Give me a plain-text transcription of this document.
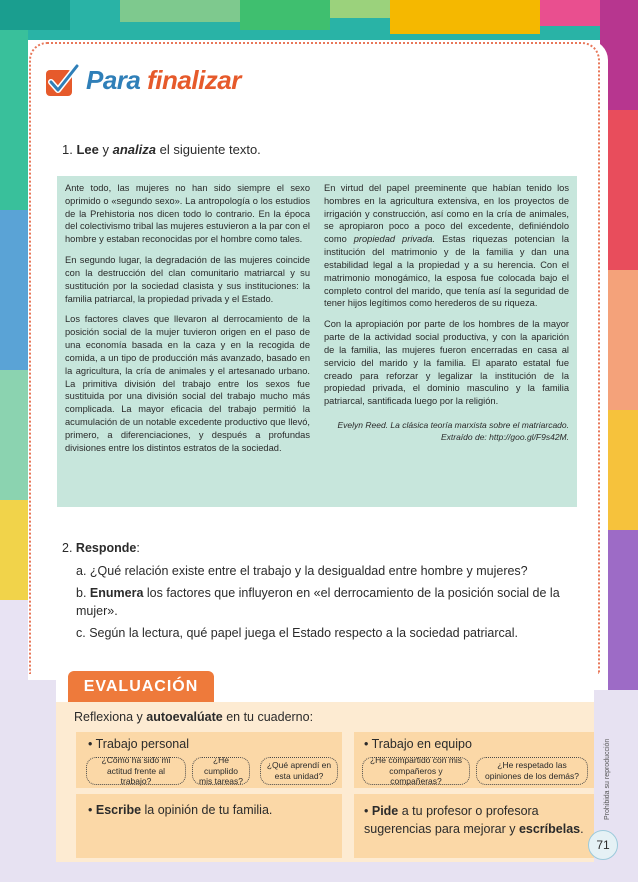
Para finalizar
1. Lee y analiza el siguiente texto.

Ante todo, las mujeres no han sido siempre el sexo oprimido o «segundo sexo». La antropología o los estudios de la Prehistoria nos dicen todo lo contrario. En la época del colectivismo tribal las mujeres estuvieron a la par con el hombre y estaban reconocidas por el hombre como tales.

En segundo lugar, la degradación de las mujeres coincide con la destrucción del clan comunitario matriarcal y su sustitución por la sociedad clasista y sus instituciones: la familia patriarcal, la propiedad privada y el Estado.

Los factores claves que llevaron al derrocamiento de la posición social de la mujer tuvieron origen en el paso de una economía basada en la caza y en la recogida de comida, a un tipo de producción más avanzado, basado en la agricultura, la cría de animales y el artesanado urbano. La primitiva división del trabajo entre los sexos fue sustituida por una división social del trabajo mucho más complicada. La mayor eficacia del trabajo permitió la acumulación de un notable excedente productivo que llevó, primero, a diferenciaciones, y después a profundas divisiones entre los distintos estratos de la sociedad.

En virtud del papel preeminente que habían tenido los hombres en la agricultura extensiva, en los proyectos de irrigación y construcción, así como en la cría de animales, se apropiaron poco a poco del excedente, definiéndolo como propiedad privada. Estas riquezas potencian la institución del matrimonio y de la familia y dan una estabilidad legal a la propiedad y a su herencia. Con el matrimonio monogámico, la esposa fue colocada bajo el completo control del marido, que tenía así la seguridad de tener hijos legítimos como herederos de su riqueza.

Con la apropiación por parte de los hombres de la mayor parte de la actividad social productiva, y con la aparición de la familia, las mujeres fueron encerradas en casa al servicio del marido y la familia. El aparato estatal fue creado para reforzar y legalizar la institución de la propiedad privada, el dominio masculino y la familia patriarcal, santificada luego por la religión.

Evelyn Reed. La clásica teoría marxista sobre el matriarcado.
Extraído de: http://goo.gl/F9s42M.
2. Responde:
a. ¿Qué relación existe entre el trabajo y la desigualdad entre hombre y mujeres?
b. Enumera los factores que influyeron en «el derrocamiento de la posición social de la mujer».
c. Según la lectura, qué papel juega el Estado respecto a la sociedad patriarcal.
EVALUACIÓN
Reflexiona y autoevalúate en tu cuaderno:
• Trabajo personal	• Trabajo en equipo
¿Cómo ha sido mi actitud frente al trabajo?
¿He cumplido mis tareas?
¿Qué aprendí en esta unidad?
¿He compartido con mis compañeros y compañeras?
¿He respetado las opiniones de los demás?
• Escribe la opinión de tu familia.	• Pide a tu profesor o profesora sugerencias para mejorar y escríbelas.
Prohibida su reproducción
71
